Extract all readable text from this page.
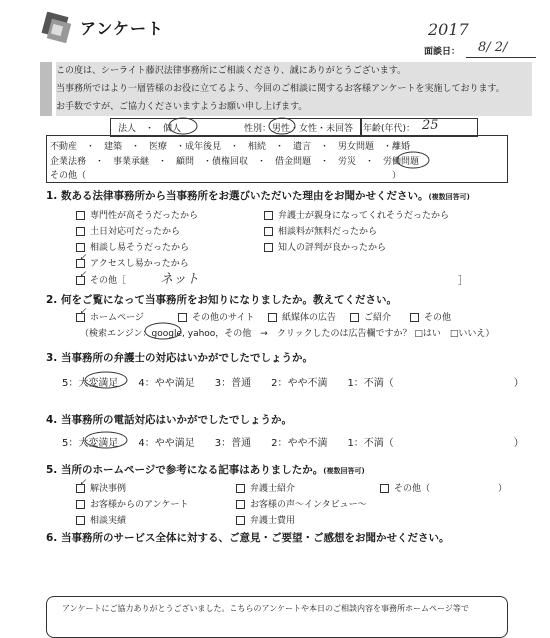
アンケート	2017
面談日： 8/ 2/

この度は、シーライト藤沢法律事務所にご相談くださり、誠にありがとうございます。

当事務所ではより一層皆様のお役に立てるよう、今回のご相談に関するお客様アンケートを実施しております。

お手数ですが、ご協力くださいますようお願い申し上げます。

法人　・　個人	性別： 男性・女性・未回答 年齢(年代)： 25
不動産　・　建築　・　医療　・成年後見　・　相続　・　遺言　・　男女問題　・離婚
企業法務　・　事業承継　・　顧問　・債権回収　・　借金問題　・　労災　・　労働問題
その他（　　　　　　　　　　　　　　　　　　　　　　　　　　　　　　　　　　）
1. 数ある法律事務所から当事務所をお選びいただいた理由をお聞かせください。(複数回答可)
専門性が高そうだったから	弁護士が親身になってくれそうだったから
土日対応可だったから	相談料が無料だったから
相談し易そうだったから	知人の評判が良かったから
アクセスし易かったから
その他［	ネット	］
✓
✓
2. 何をご覧になって当事務所をお知りになりましたか。教えてください。
ホームページ	その他のサイト	紙媒体の広告	ご紹介	その他
✓
（検索エンジン：google, yahoo，その他　→　クリックしたのは広告欄ですか？ □はい　□いいえ）
3. 当事務所の弁護士の対応はいかがでしたでしょうか。
5：大変満足　　4：やや満足　　3：普通　　2：やや不満　　1：不満（　　　　　　　　　　　　）
4. 当事務所の電話対応はいかがでしたでしょうか。
5：大変満足　　4：やや満足　　3：普通　　2：やや不満　　1：不満（　　　　　　　　　　　　）
5. 当所のホームページで参考になる記事はありましたか。(複数回答可)
解決事例	弁護士紹介	その他（	）
✓
お客様からのアンケート	お客様の声〜インタビュー〜
相談実績	弁護士費用
6. 当事務所のサービス全体に対する、ご意見・ご要望・ご感想をお聞かせください。
アンケートにご協力ありがとうございました。こちらのアンケートや本日のご相談内容を事務所ホームページ等で
